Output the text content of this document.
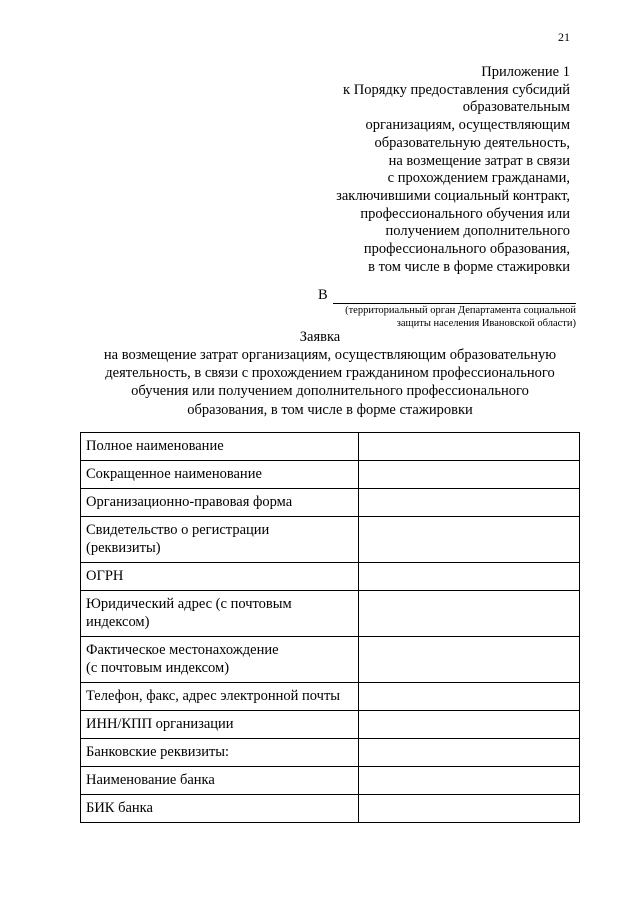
21
Приложение 1
к Порядку предоставления субсидий
образовательным
организациям, осуществляющим
образовательную деятельность,
на возмещение затрат в связи
с прохождением гражданами,
заключившими социальный контракт,
профессионального обучения или
получением дополнительного
профессионального образования,
в том числе в форме стажировки
В
(территориальный орган Департамента социальной
защиты населения Ивановской области)
Заявка
на возмещение затрат организациям, осуществляющим образовательную
деятельность, в связи с прохождением гражданином профессионального
обучения или получением дополнительного профессионального
образования, в том числе в форме стажировки
Полное наименование	

Сокращенное наименование	

Организационно-правовая форма	

Свидетельство о регистрации
(реквизиты)	

ОГРН	

Юридический адрес (с почтовым
индексом)	

Фактическое местонахождение
(с почтовым индексом)	

Телефон, факс, адрес электронной почты	

ИНН/КПП организации	

Банковские реквизиты:	

Наименование банка	

БИК банка	
